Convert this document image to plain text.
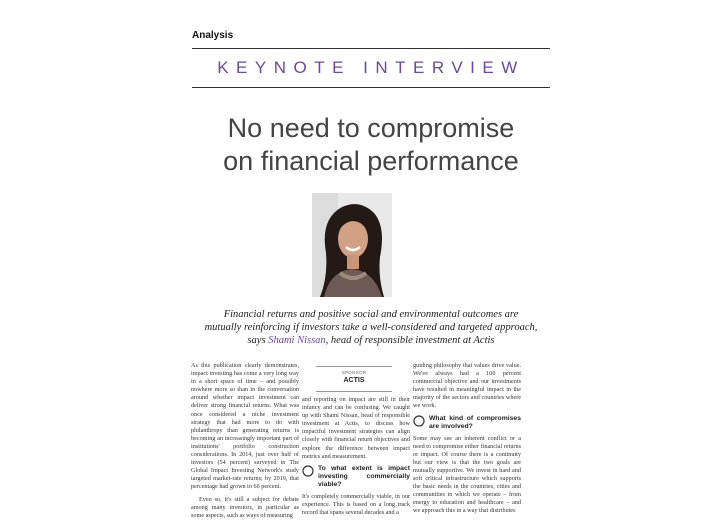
Analysis
KEYNOTE INTERVIEW
No need to compromise
on financial performance
Financial returns and positive social and environmental outcomes are
mutually reinforcing if investors take a well-considered and targeted approach,
says Shami Nissan, head of responsible investment at Actis

As this publication clearly demonstrates, impact investing has come a very long way in a short space of time – and possibly nowhere more so than in the conversation around whether impact investment can deliver strong financial returns. What was once considered a niche investment strategy that had more to do with philanthropy than generating returns is becoming an increasingly important part of institutions' portfolio construction considerations. In 2014, just over half of investors (54 percent) surveyed in The Global Impact Investing Network's study targeted market-rate returns; by 2019, that percentage had grown to 66 percent.

Even so, it's still a subject for debate among many investors, in particular as some aspects, such as ways of measuring

SPONSOR
ACTIS

and reporting on impact are still in their infancy and can be confusing. We caught up with Shami Nissan, head of responsible investment at Actis, to discuss how impactful investment strategies can align closely with financial return objectives and explore the difference between impact metrics and measurement.

To what extent is impact investing commercially viable?

It's completely commercially viable, in our experience. This is based on a long track record that spans several decades and a

guiding philosophy that values drive value. We've always had a 100 percent commercial objective and our investments have resulted in meaningful impact in the majority of the sectors and countries where we work.

What kind of compromises are involved?

Some may see an inherent conflict or a need to compromise either financial returns or impact. Of course there is a continuity but our view is that the two goals are mutually supportive. We invest in hard and soft critical infrastructure which supports the basic needs in the countries, cities and communities in which we operate – from energy to education and healthcare – and we approach this in a way that distributes
